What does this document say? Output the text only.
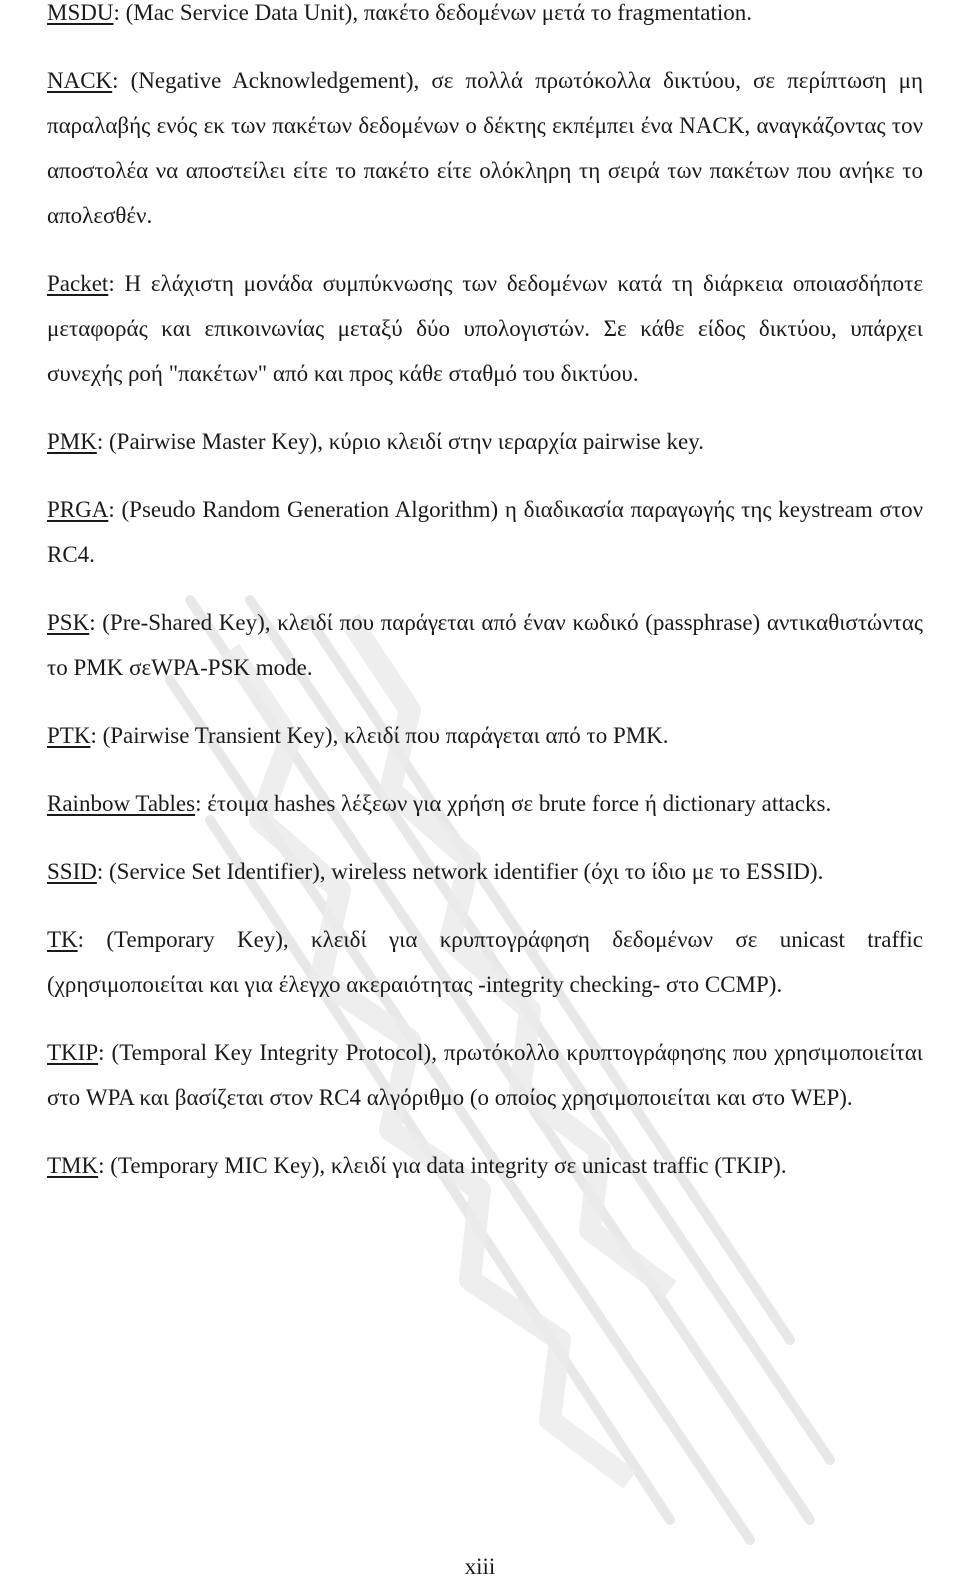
MSDU: (Mac Service Data Unit), πακέτο δεδομένων μετά το fragmentation.

NACK: (Negative Acknowledgement), σε πολλά πρωτόκολλα δικτύου, σε περίπτωση μη παραλαβής ενός εκ των πακέτων δεδομένων ο δέκτης εκπέμπει ένα NACK, αναγκάζοντας τον αποστολέα να αποστείλει είτε το πακέτο είτε ολόκληρη τη σειρά των πακέτων που ανήκε το απολεσθέν.

Packet: Η ελάχιστη μονάδα συμπύκνωσης των δεδομένων κατά τη διάρκεια οποιασδήποτε μεταφοράς και επικοινωνίας μεταξύ δύο υπολογιστών. Σε κάθε είδος δικτύου, υπάρχει συνεχής ροή "πακέτων" από και προς κάθε σταθμό του δικτύου.

PMK: (Pairwise Master Key), κύριο κλειδί στην ιεραρχία pairwise key.

PRGA: (Pseudo Random Generation Algorithm) η διαδικασία παραγωγής της keystream στον RC4.

PSK: (Pre-Shared Key), κλειδί που παράγεται από έναν κωδικό (passphrase) αντικαθιστώντας το PMK σεWPA-PSK mode.

PTK: (Pairwise Transient Key), κλειδί που παράγεται από το PMK.

Rainbow Tables: έτοιμα hashes λέξεων για χρήση σε brute force ή dictionary attacks.

SSID: (Service Set Identifier), wireless network identifier (όχι το ίδιο με το ESSID).

TK: (Temporary Key), κλειδί για κρυπτογράφηση δεδομένων σε unicast traffic (χρησιμοποιείται και για έλεγχο ακεραιότητας -integrity checking- στο CCMP).

TKIP: (Temporal Key Integrity Protocol), πρωτόκολλο κρυπτογράφησης που χρησιμοποιείται στο WPA και βασίζεται στον RC4 αλγόριθμο (ο οποίος χρησιμοποιείται και στο WEP).

TMK: (Temporary MIC Key), κλειδί για data integrity σε unicast traffic (TKIP).

xiii
